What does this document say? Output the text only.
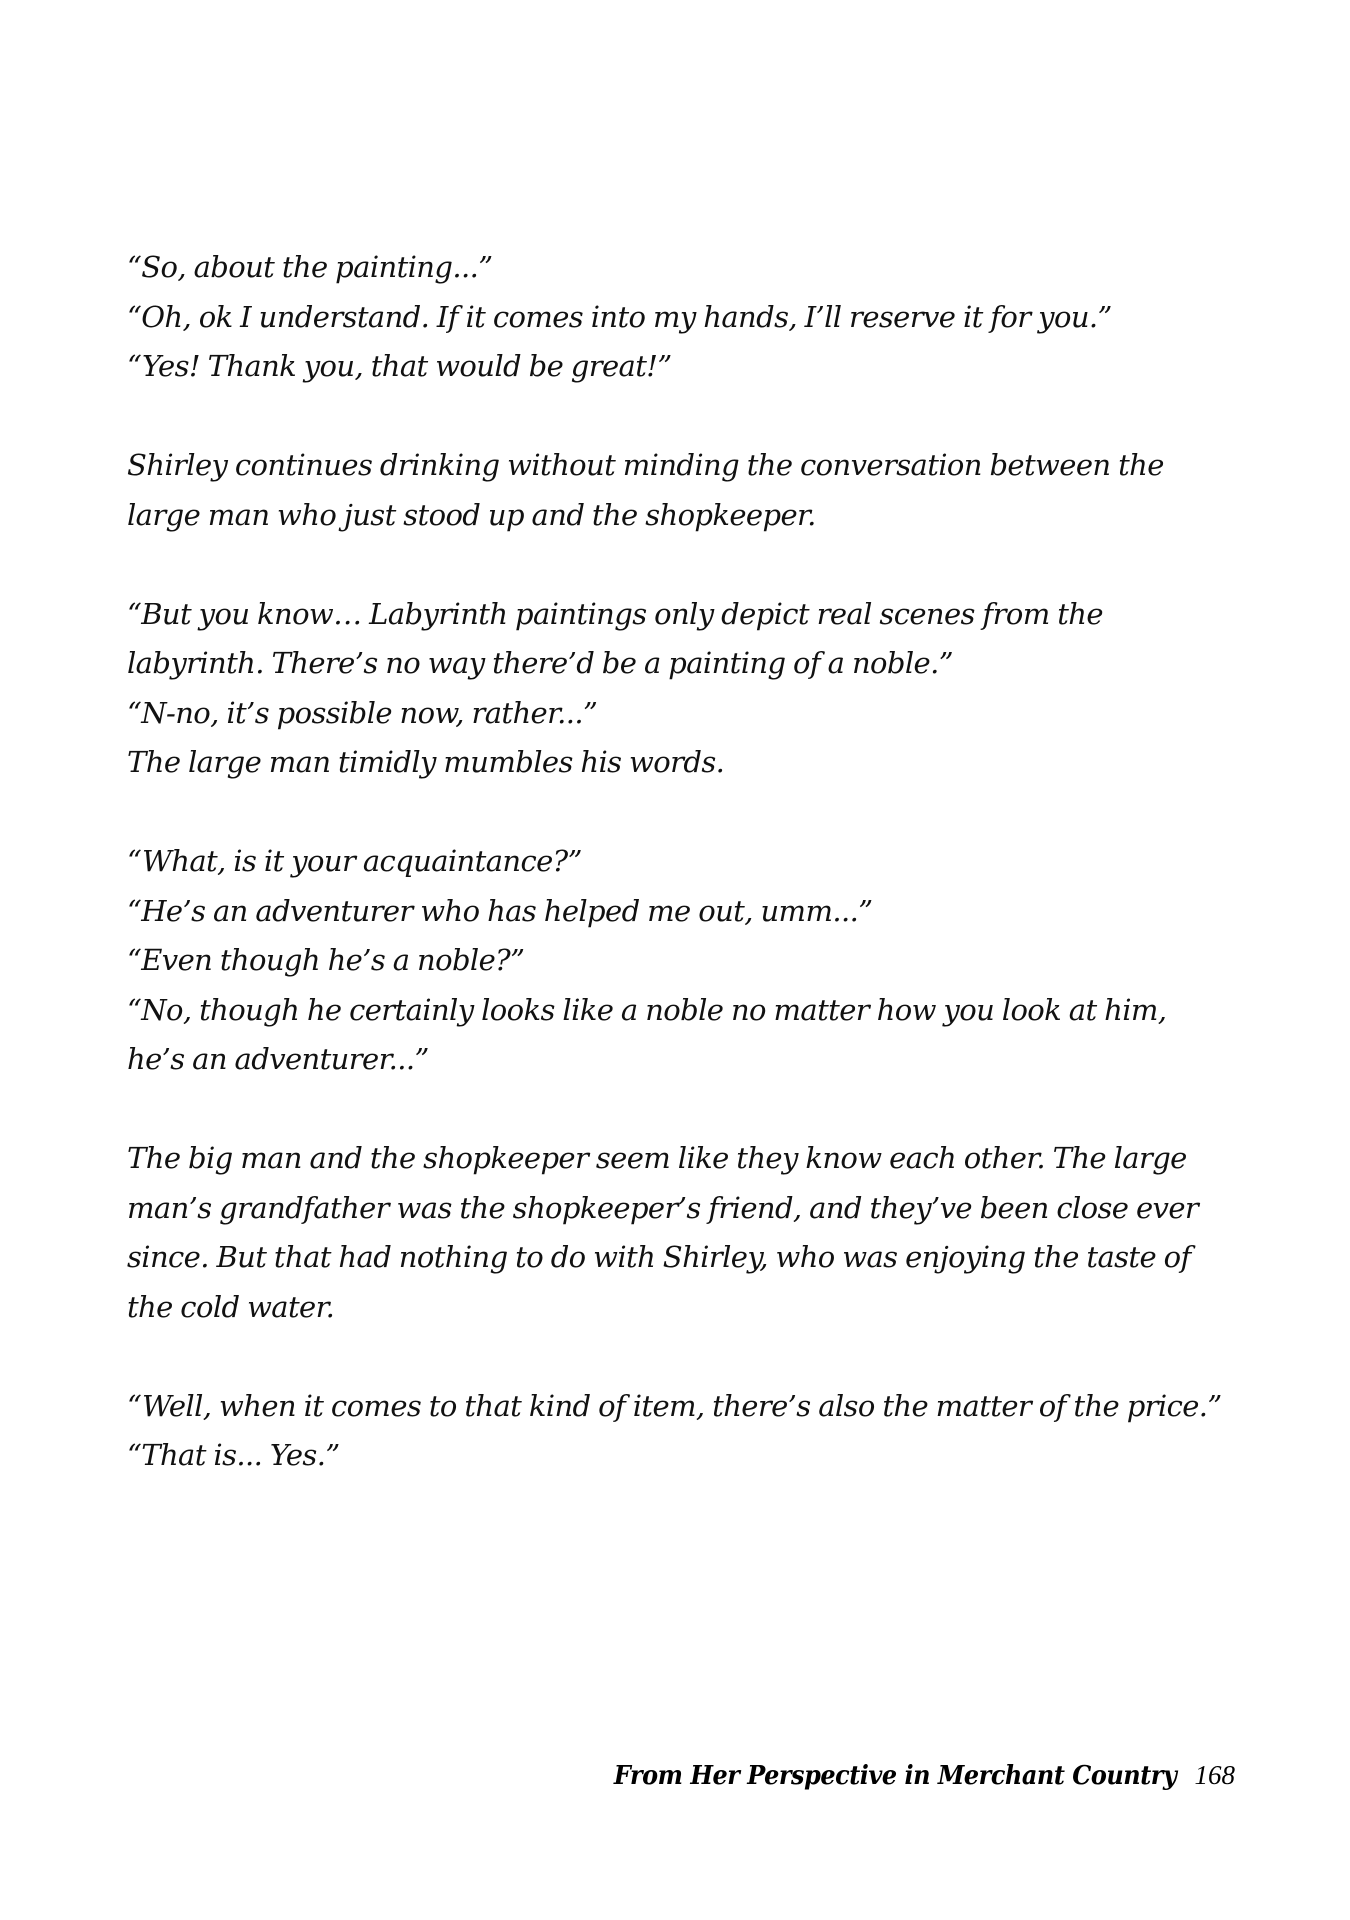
“So, about the painting...”
“Oh, ok I understand. If it comes into my hands, I’ll reserve it for you.”
“Yes! Thank you, that would be great!”
Shirley continues drinking without minding the conversation between the
large man who just stood up and the shopkeeper.
“But you know… Labyrinth paintings only depict real scenes from the
labyrinth. There’s no way there’d be a painting of a noble.”
“N-no, it’s possible now, rather...”
The large man timidly mumbles his words.
“What, is it your acquaintance?”
“He’s an adventurer who has helped me out, umm...”
“Even though he’s a noble?”
“No, though he certainly looks like a noble no matter how you look at him,
he’s an adventurer...”
The big man and the shopkeeper seem like they know each other. The large
man’s grandfather was the shopkeeper’s friend, and they’ve been close ever
since. But that had nothing to do with Shirley, who was enjoying the taste of
the cold water.
“Well, when it comes to that kind of item, there’s also the matter of the price.”
“That is... Yes.”
From Her Perspective in Merchant Country 168
